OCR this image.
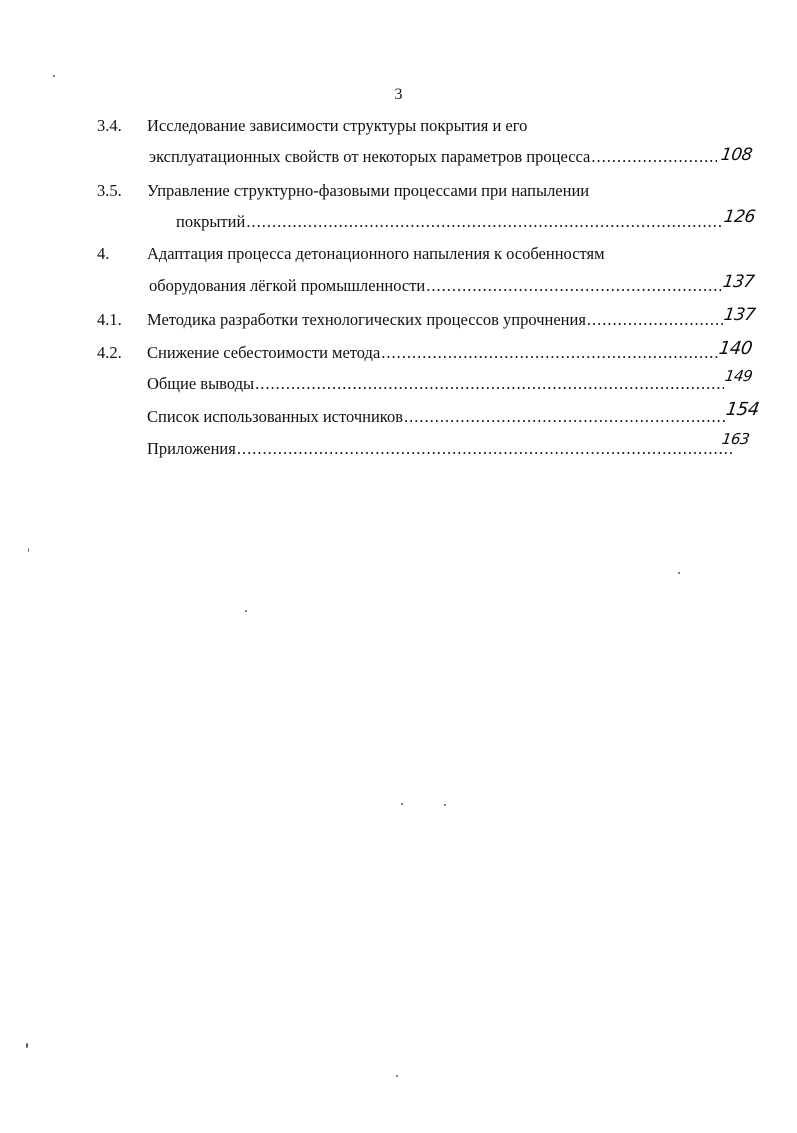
3
3.4. Исследование зависимости структуры покрытия и его
эксплуатационных свойств от некоторых параметров процесса .....	108
3.5. Управление структурно-фазовыми процессами при напылении
покрытий .....	126
4. Адаптация процесса детонационного напыления к особенностям
оборудования лёгкой промышленности .....	137
4.1. Методика разработки технологических процессов упрочнения .....	137
4.2. Снижение себестоимости метода .....	140
Общие выводы .....	149
Список использованных источников .....	154
Приложения .....	163
